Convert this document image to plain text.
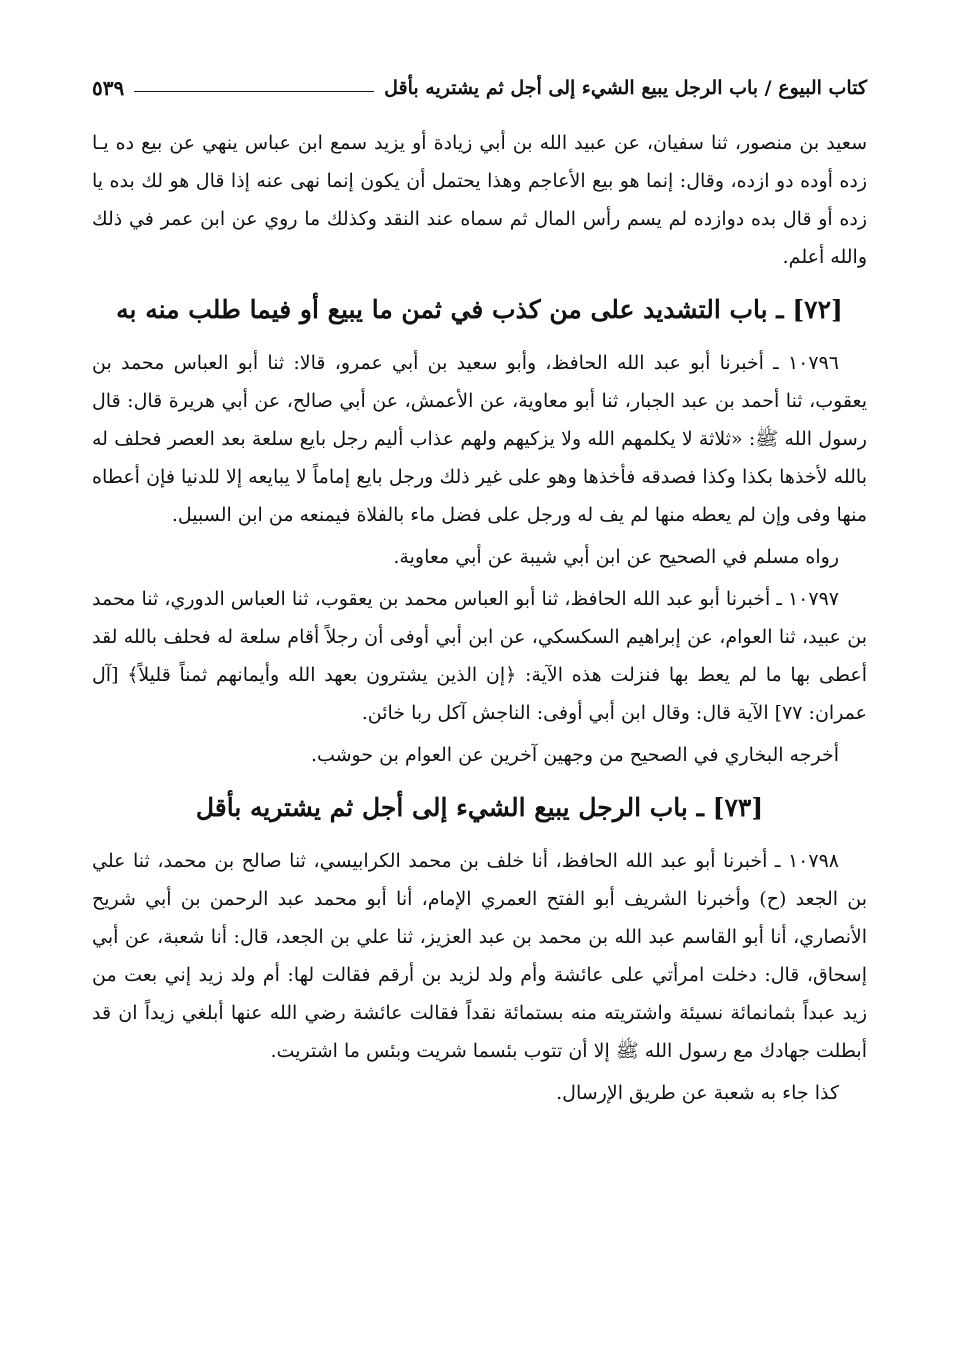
كتاب البيوع / باب الرجل يبيع الشيء إلى أجل ثم يشتريه بأقل
٥٣٩

سعيد بن منصور، ثنا سفيان، عن عبيد الله بن أبي زيادة أو يزيد سمع ابن عباس ينهي عن بيع ده يـا زده أوده دو ازده، وقال: إنما هو بيع الأعاجم وهذا يحتمل أن يكون إنما نهى عنه إذا قال هو لك بده يا زده أو قال بده دوازده لم يسم رأس المال ثم سماه عند النقد وكذلك ما روي عن ابن عمر في ذلك والله أعلم.

[٧٢] ـ باب التشديد على من كذب في ثمن ما يبيع أو فيما طلب منه به

١٠٧٩٦ ـ أخبرنا أبو عبد الله الحافظ، وأبو سعيد بن أبي عمرو، قالا: ثنا أبو العباس محمد بن يعقوب، ثنا أحمد بن عبد الجبار، ثنا أبو معاوية، عن الأعمش، عن أبي صالح، عن أبي هريرة قال: قال رسول الله ﷺ: «ثلاثة لا يكلمهم الله ولا يزكيهم ولهم عذاب أليم رجل بايع سلعة بعد العصر فحلف له بالله لأخذها بكذا وكذا فصدقه فأخذها وهو على غير ذلك ورجل بايع إماماً لا يبايعه إلا للدنيا فإن أعطاه منها وفى وإن لم يعطه منها لم يف له ورجل على فضل ماء بالفلاة فيمنعه من ابن السبيل.

رواه مسلم في الصحيح عن ابن أبي شيبة عن أبي معاوية.

١٠٧٩٧ ـ أخبرنا أبو عبد الله الحافظ، ثنا أبو العباس محمد بن يعقوب، ثنا العباس الدوري، ثنا محمد بن عبيد، ثنا العوام، عن إبراهيم السكسكي، عن ابن أبي أوفى أن رجلاً أقام سلعة له فحلف بالله لقد أعطى بها ما لم يعط بها فنزلت هذه الآية: ﴿إن الذين يشترون بعهد الله وأيمانهم ثمناً قليلاً﴾ [آل عمران: ٧٧] الآية قال: وقال ابن أبي أوفى: الناجش آكل ربا خائن.

أخرجه البخاري في الصحيح من وجهين آخرين عن العوام بن حوشب.

[٧٣] ـ باب الرجل يبيع الشيء إلى أجل ثم يشتريه بأقل

١٠٧٩٨ ـ أخبرنا أبو عبد الله الحافظ، أنا خلف بن محمد الكرابيسي، ثنا صالح بن محمد، ثنا علي بن الجعد (ح) وأخبرنا الشريف أبو الفتح العمري الإمام، أنا أبو محمد عبد الرحمن بن أبي شريح الأنصاري، أنا أبو القاسم عبد الله بن محمد بن عبد العزيز، ثنا علي بن الجعد، قال: أنا شعبة، عن أبي إسحاق، قال: دخلت امرأتي على عائشة وأم ولد لزيد بن أرقم فقالت لها: أم ولد زيد إني بعت من زيد عبداً بثمانمائة نسيئة واشتريته منه بستمائة نقداً فقالت عائشة رضي الله عنها أبلغي زيداً ان قد أبطلت جهادك مع رسول الله ﷺ إلا أن تتوب بئسما شريت وبئس ما اشتريت.

كذا جاء به شعبة عن طريق الإرسال.
